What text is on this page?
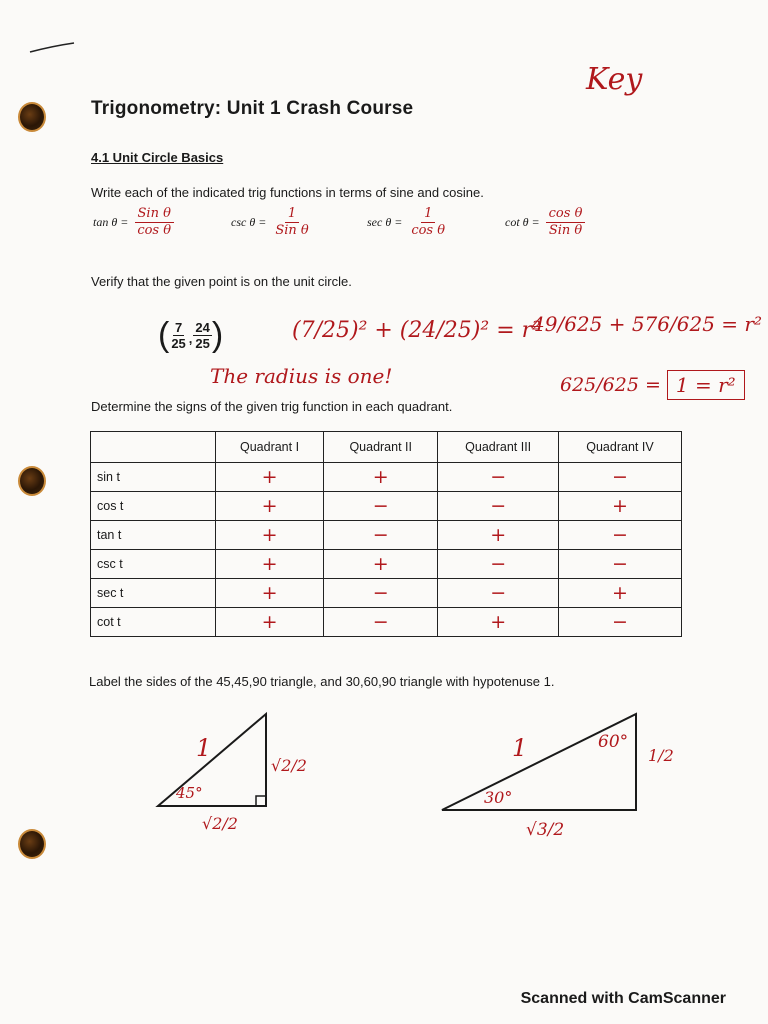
Key
Trigonometry: Unit 1 Crash Course
4.1 Unit Circle Basics
Write each of the indicated trig functions in terms of sine and cosine.
$\tan \theta = \frac{\text{Sin θ}}{\text{cos θ}}$	$\csc \theta = \frac{1}{\text{Sin θ}}$	$\sec \theta = \frac{1}{\text{cos θ}}$	$\cot \theta = \frac{\text{cos θ}}{\text{Sin θ}}$
Verify that the given point is on the unit circle.
( $\frac{7}{25}$ , $\frac{24}{25}$ )	(7/25)² + (24/25)² = r²
49/625 + 576/625 = r²
The radius is one!	625/625 = 1 = r²
Determine the signs of the given trig function in each quadrant.
	Quadrant I	Quadrant II	Quadrant III	Quadrant IV
sin t	+	+	−	−
cos t	+	−	−	+
tan t	+	−	+	−
csc t	+	+	−	−
sec t	+	−	−	+
cot t	+	−	+	−
Label the sides of the 45,45,90 triangle, and 30,60,90 triangle with hypotenuse 1.
1
√2/2
45°
√2/2
1	60°
1/2
30°
√3/2
Scanned with CamScanner
